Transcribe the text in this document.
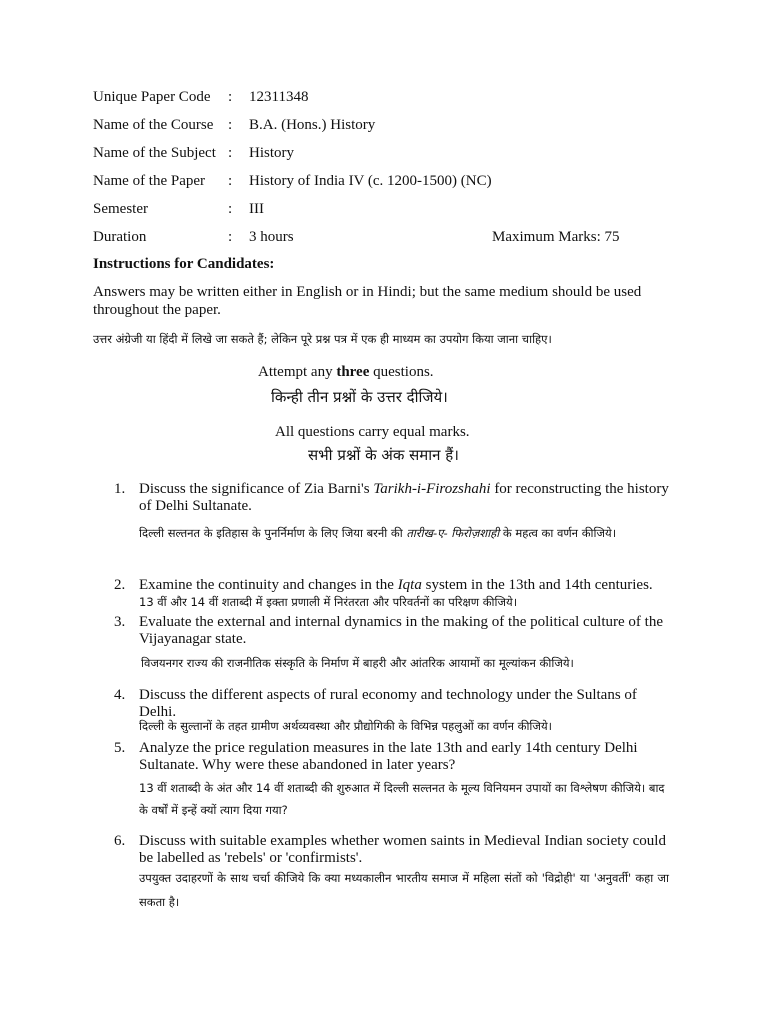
Unique Paper Code : 12311348
Name of the Course : B.A. (Hons.) History
Name of the Subject : History
Name of the Paper : History of India IV (c. 1200-1500) (NC)
Semester	: III
Duration	: 3 hours	Maximum Marks: 75
Instructions for Candidates:
Answers may be written either in English or in Hindi; but the same medium should be used throughout the paper.
उत्तर अंग्रेजी या हिंदी में लिखे जा सकते हैं; लेकिन पूरे प्रश्न पत्र में एक ही माध्यम का उपयोग किया जाना चाहिए।
Attempt any three questions.
किन्ही तीन प्रश्नों के उत्तर दीजिये।
All questions carry equal marks.
सभी प्रश्नों के अंक समान हैं।
1. Discuss the significance of Zia Barni's Tarikh-i-Firozshahi for reconstructing the history of Delhi Sultanate.
दिल्ली सल्तनत के इतिहास के पुनर्निर्माण के लिए जिया बरनी की तारीख-ए- फिरोज़शाही के महत्व का वर्णन कीजिये।
2. Examine the continuity and changes in the Iqta system in the 13th and 14th centuries.
13 वीं और 14 वीं शताब्दी में इक्ता प्रणाली में निरंतरता और परिवर्तनों का परिक्षण कीजिये।
3. Evaluate the external and internal dynamics in the making of the political culture of the Vijayanagar state.
विजयनगर राज्य की राजनीतिक संस्कृति के निर्माण में बाहरी और आंतरिक आयामों का मूल्यांकन कीजिये।
4. Discuss the different aspects of rural economy and technology under the Sultans of Delhi.
दिल्ली के सुल्तानों के तहत ग्रामीण अर्थव्यवस्था और प्रौद्योगिकी के विभिन्न पहलुओं का वर्णन कीजिये।
5. Analyze the price regulation measures in the late 13th and early 14th century Delhi Sultanate. Why were these abandoned in later years?
13 वीं शताब्दी के अंत और 14 वीं शताब्दी की शुरुआत में दिल्ली सल्तनत के मूल्य विनियमन उपायों का विश्लेषण कीजिये। बाद के वर्षों में इन्हें क्यों त्याग दिया गया?
6. Discuss with suitable examples whether women saints in Medieval Indian society could be labelled as 'rebels' or 'confirmists'.
उपयुक्त उदाहरणों के साथ चर्चा कीजिये कि क्या मध्यकालीन भारतीय समाज में महिला संतों को 'विद्रोही' या 'अनुवर्ती' कहा जा सकता है।
